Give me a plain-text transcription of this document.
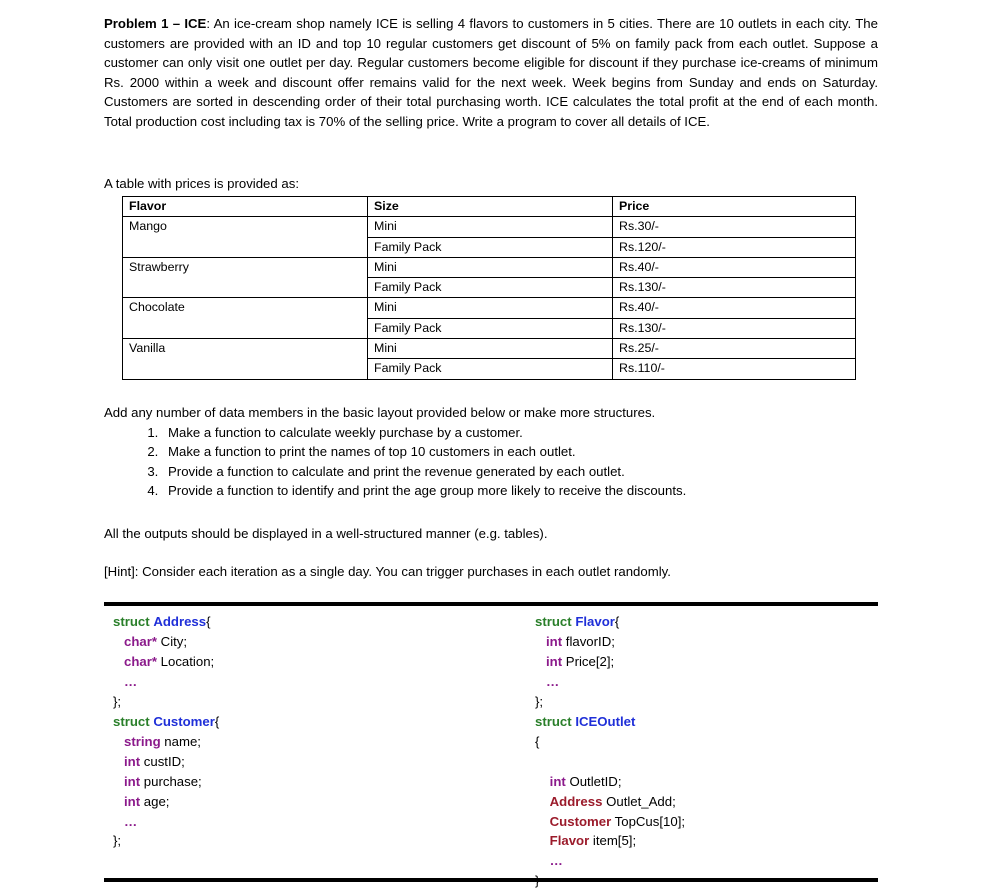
Problem 1 – ICE: An ice-cream shop namely ICE is selling 4 flavors to customers in 5 cities. There are 10 outlets in each city. The customers are provided with an ID and top 10 regular customers get discount of 5% on family pack from each outlet. Suppose a customer can only visit one outlet per day. Regular customers become eligible for discount if they purchase ice-creams of minimum Rs. 2000 within a week and discount offer remains valid for the next week. Week begins from Sunday and ends on Saturday. Customers are sorted in descending order of their total purchasing worth. ICE calculates the total profit at the end of each month. Total production cost including tax is 70% of the selling price. Write a program to cover all details of ICE.
A table with prices is provided as:
Flavor	Size	Price
Mango	Mini	Rs.30/-
	Family Pack	Rs.120/-
Strawberry	Mini	Rs.40/-
	Family Pack	Rs.130/-
Chocolate	Mini	Rs.40/-
	Family Pack	Rs.130/-
Vanilla	Mini	Rs.25/-
	Family Pack	Rs.110/-
Add any number of data members in the basic layout provided below or make more structures.
1. Make a function to calculate weekly purchase by a customer.
2. Make a function to print the names of top 10 customers in each outlet.
3. Provide a function to calculate and print the revenue generated by each outlet.
4. Provide a function to identify and print the age group more likely to receive the discounts.
All the outputs should be displayed in a well-structured manner (e.g. tables).
[Hint]: Consider each iteration as a single day. You can trigger purchases in each outlet randomly.
struct Address{
char* City;
char* Location;
…
};
struct Customer{
string name;
int custID;
int purchase;
int age;
…
};
struct Flavor{
int flavorID;
int Price[2];
…
};
struct ICEOutlet
{

int OutletID;
Address Outlet_Add;
Customer TopCus[10];
Flavor item[5];
…
}
